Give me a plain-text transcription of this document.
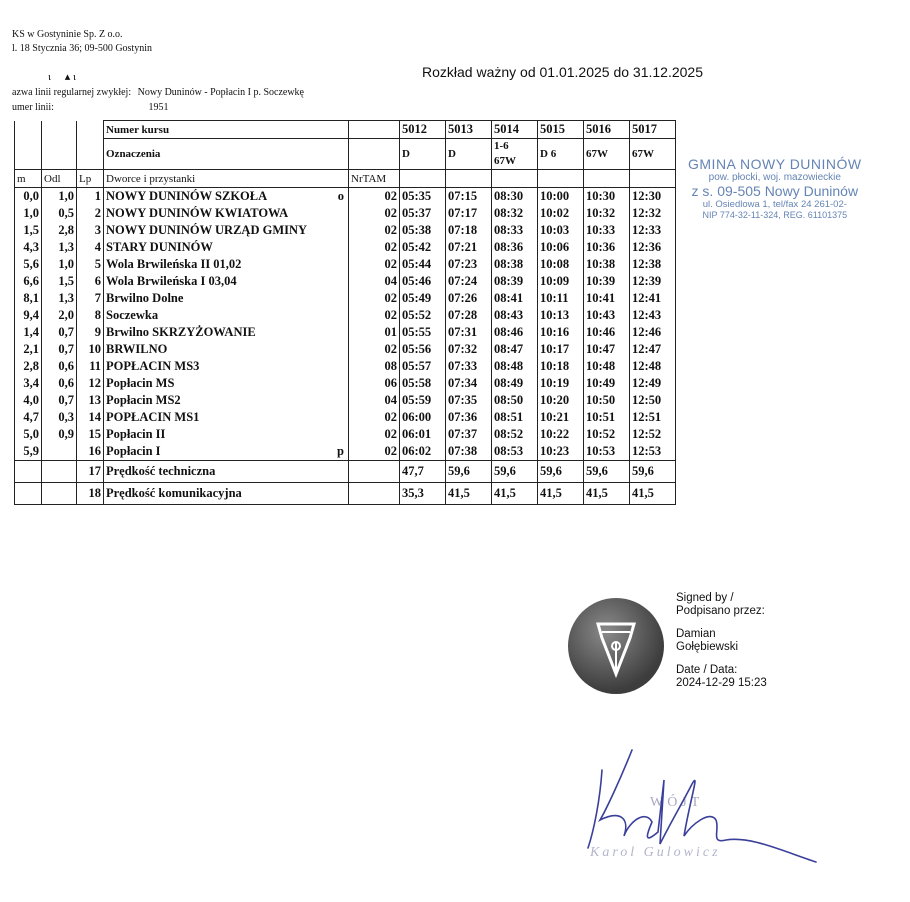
KS w Gostyninie Sp. Z o.o.
l. 18 Stycznia 36; 09-500 Gostynin
ι     ▴ ι	Rozkład ważny od 01.01.2025 do 31.12.2025
azwa linii regularnej zwykłej: Nowy Duninów - Popłacin I p. Soczewkę
umer linii:	1951
			Numer kursu		5012	5013	5014	5015	5016	5017
			Oznaczenia		D	D	1-6
67W	D 6	67W	67W

m	Odl	Lp	Dworce i przystanki	NrTAM						
0,0	1,0	1	NOWY DUNINÓW SZKOŁA o	02	05:35	07:15	08:30	10:00	10:30	12:30
1,0	0,5	2	NOWY DUNINÓW KWIATOWA	02	05:37	07:17	08:32	10:02	10:32	12:32
1,5	2,8	3	NOWY DUNINÓW URZĄD GMINY	02	05:38	07:18	08:33	10:03	10:33	12:33
4,3	1,3	4	STARY DUNINÓW	02	05:42	07:21	08:36	10:06	10:36	12:36
5,6	1,0	5	Wola Brwileńska II 01,02	02	05:44	07:23	08:38	10:08	10:38	12:38
6,6	1,5	6	Wola Brwileńska I 03,04	04	05:46	07:24	08:39	10:09	10:39	12:39
8,1	1,3	7	Brwilno Dolne	02	05:49	07:26	08:41	10:11	10:41	12:41
9,4	2,0	8	Soczewka	02	05:52	07:28	08:43	10:13	10:43	12:43
1,4	0,7	9	Brwilno SKRZYŻOWANIE	01	05:55	07:31	08:46	10:16	10:46	12:46
2,1	0,7	10	BRWILNO	02	05:56	07:32	08:47	10:17	10:47	12:47
2,8	0,6	11	POPŁACIN MS3	08	05:57	07:33	08:48	10:18	10:48	12:48
3,4	0,6	12	Popłacin MS	06	05:58	07:34	08:49	10:19	10:49	12:49
4,0	0,7	13	Popłacin MS2	04	05:59	07:35	08:50	10:20	10:50	12:50
4,7	0,3	14	POPŁACIN MS1	02	06:00	07:36	08:51	10:21	10:51	12:51
5,0	0,9	15	Popłacin II	02	06:01	07:37	08:52	10:22	10:52	12:52
5,9		16	Popłacin I p	02	06:02	07:38	08:53	10:23	10:53	12:53
		17	Prędkość techniczna		47,7	59,6	59,6	59,6	59,6	59,6
		18	Prędkość komunikacyjna		35,3	41,5	41,5	41,5	41,5	41,5
GMINA NOWY DUNINÓW
pow. płocki, woj. mazowieckie
z s. 09-505 Nowy Duninów
ul. Osiedlowa 1, tel/fax 24 261-02-
NIP 774-32-11-324, REG. 61101375
Signed by /
Podpisano przez:
Damian
Gołębiewski
Date / Data:
2024-12-29 15:23
WÓJT
Karol Gulowicz
